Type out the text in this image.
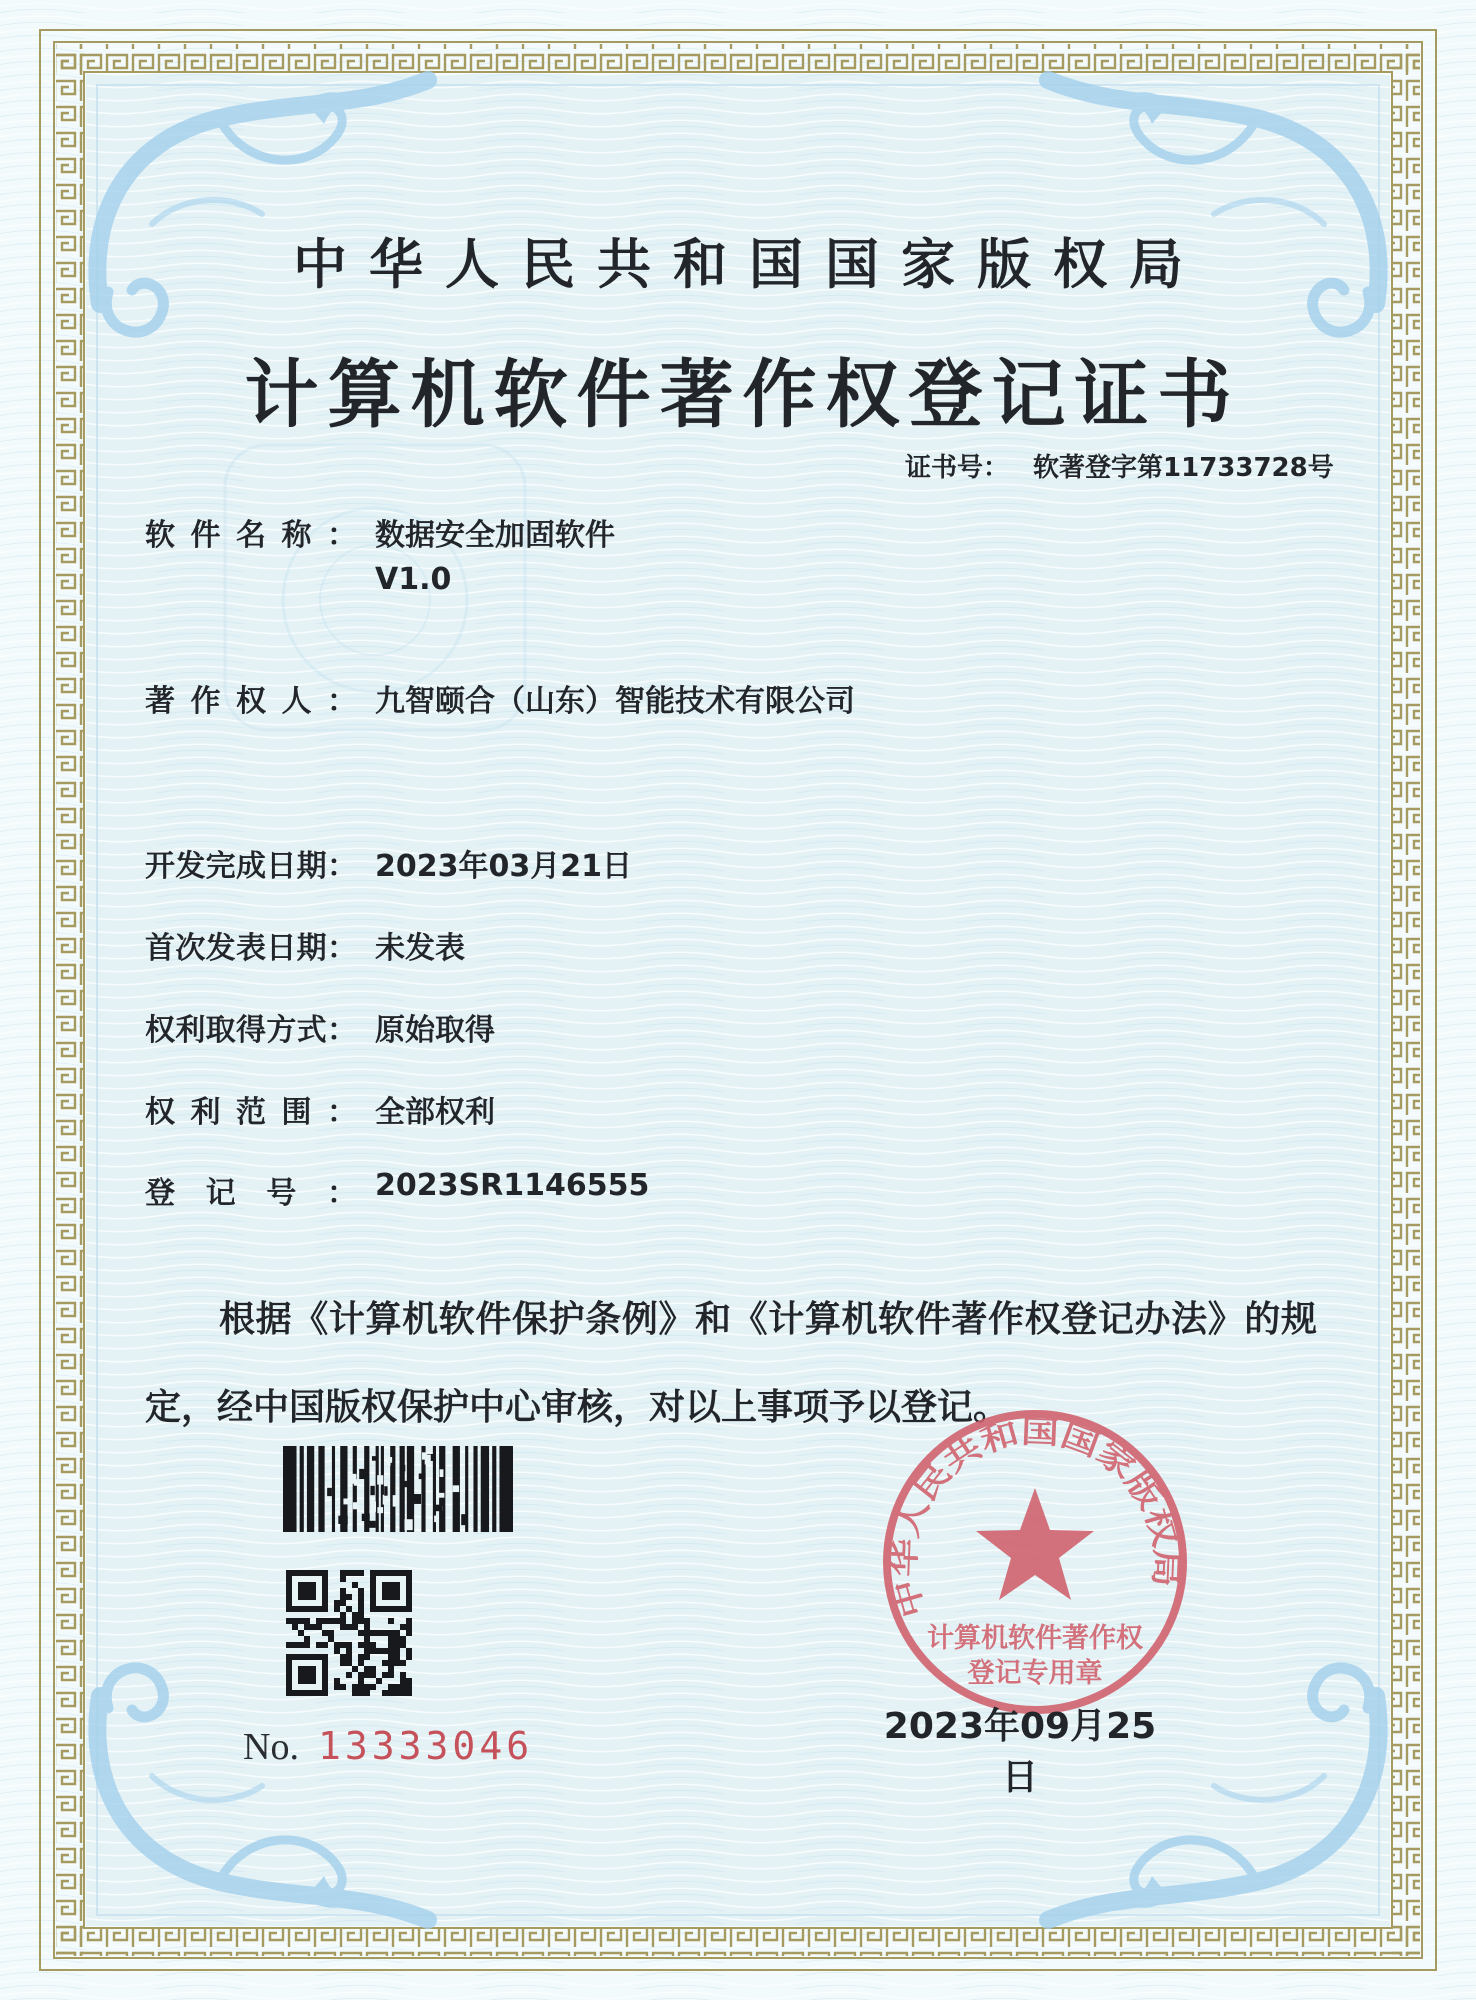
中华人民共和国国家版权局
计算机软件著作权登记证书
证书号： 软著登字第11733728号
软件名称： 数据安全加固软件
V1.0
著作权人： 九智颐合（山东）智能技术有限公司
开发完成日期： 2023年03月21日
首次发表日期： 未发表
权利取得方式： 原始取得
权利范围： 全部权利
登记号： 2023SR1146555
根据《计算机软件保护条例》和《计算机软件著作权登记办法》的规定，经中国版权保护中心审核，对以上事项予以登记。
No. 13333046
中华人民共和国国家版权局
计算机软件著作权
登记专用章
2023年09月25日
